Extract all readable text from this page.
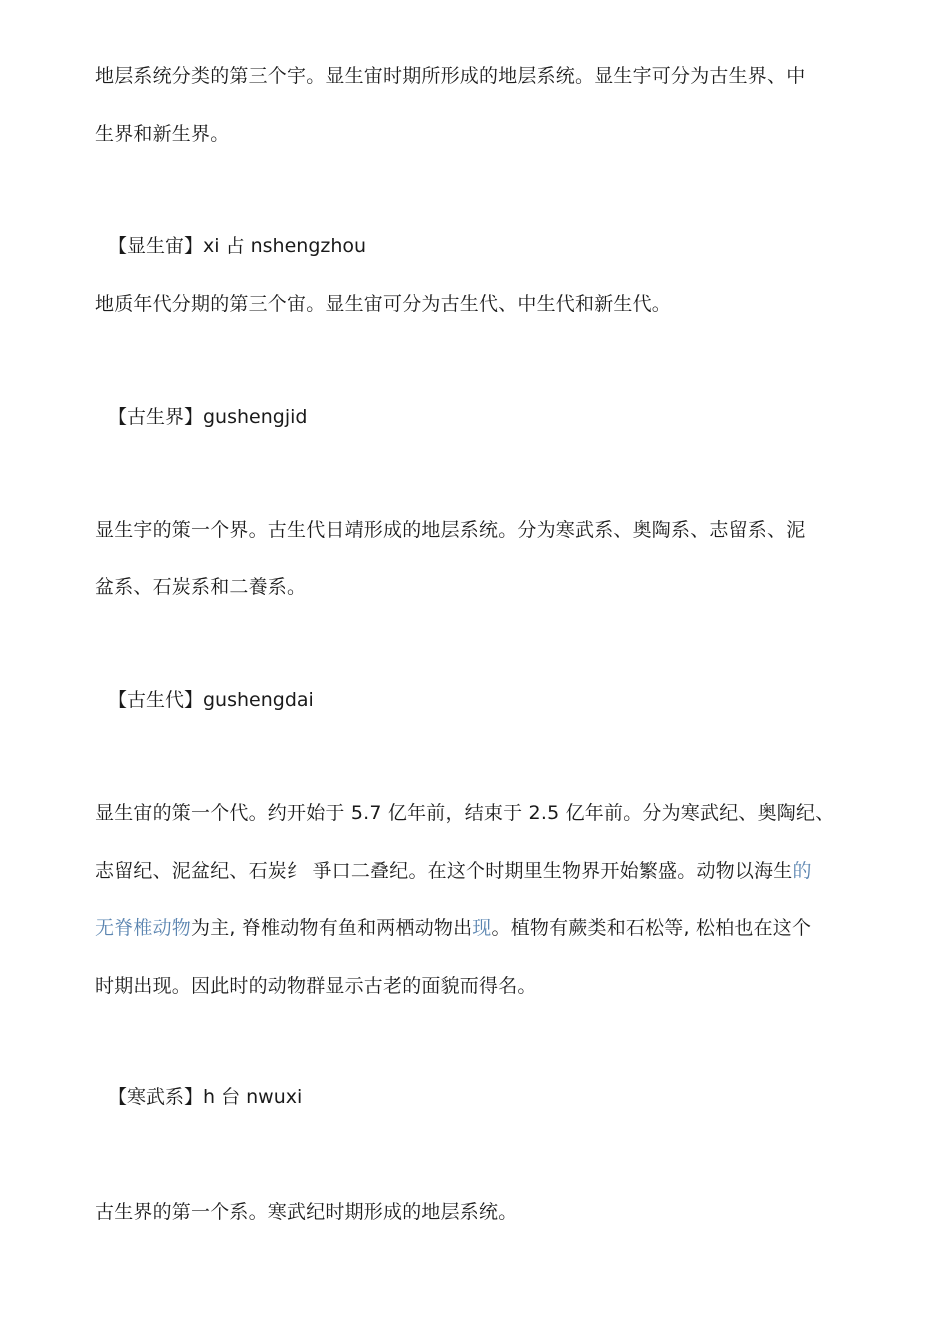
地层系统分类的第三个宇。显生宙时期所形成的地层系统。显生宇可分为古生界、中
生界和新生界。
【显生宙】xi 占 nshengzhou
地质年代分期的第三个宙。显生宙可分为古生代、中生代和新生代。
【古生界】gushengjid
显生宇的策一个界。古生代日靖形成的地层系统。分为寒武系、奥陶系、志留系、泥
盆系、石炭系和二養系。
【古生代】gushengdai
显生宙的策一个代。约开始于 5.7 亿年前，结束于 2.5 亿年前。分为寒武纪、奥陶纪、
志留纪、泥盆纪、石炭纟 爭口二叠纪。在这个时期里生物界开始繁盛。动物以海生的
无脊椎动物为主, 脊椎动物有鱼和两栖动物出现。植物有蕨类和石松等, 松柏也在这个
时期出现。因此时的动物群显示古老的面貌而得名。
【寒武系】h 台 nwuxi
古生界的第一个系。寒武纪时期形成的地层系统。
